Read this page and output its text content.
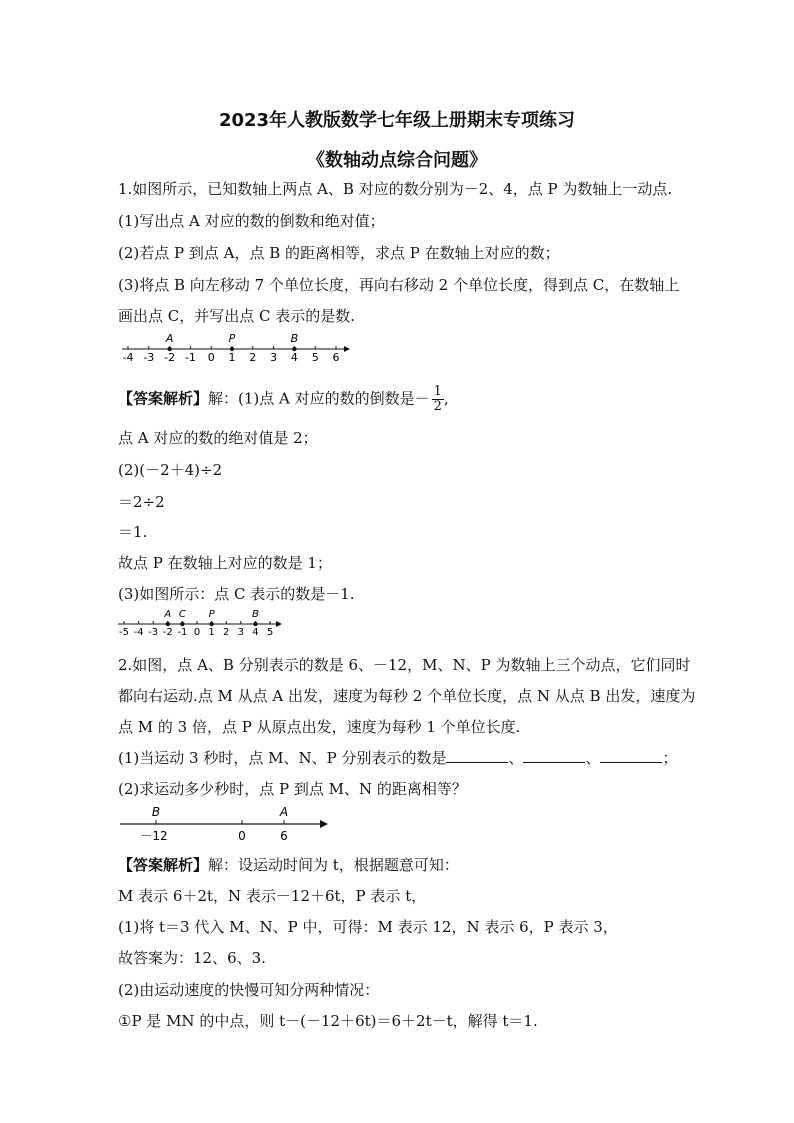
2023年人教版数学七年级上册期末专项练习
《数轴动点综合问题》
1.如图所示，已知数轴上两点 A、B 对应的数分别为－2、4，点 P 为数轴上一动点.
(1)写出点 A 对应的数的倒数和绝对值；
(2)若点 P 到点 A，点 B 的距离相等，求点 P 在数轴上对应的数；
(3)将点 B 向左移动 7 个单位长度，再向右移动 2 个单位长度，得到点 C，在数轴上
画出点 C，并写出点 C 表示的是数.
-4 -3 -2 -1 0 1 2 3 4 5 6
A	P	B
【答案解析】解：(1)点 A 对应的数的倒数是－ $\frac{1}{2}$ ,
点 A 对应的数的绝对值是 2；
(2)(－2＋4)÷2
＝2÷2
＝1.
故点 P 在数轴上对应的数是 1；
(3)如图所示：点 C 表示的数是－1.
-5 -4 -3 -2 -1 0 1 2 3 4 5
A C P	B
2.如图，点 A、B 分别表示的数是 6、－12，M、N、P 为数轴上三个动点，它们同时
都向右运动.点 M 从点 A 出发，速度为每秒 2 个单位长度，点 N 从点 B 出发，速度为
点 M 的 3 倍，点 P 从原点出发，速度为每秒 1 个单位长度.
(1)当运动 3 秒时，点 M、N、P 分别表示的数是	、	、	；
(2)求运动多少秒时，点 P 到点 M、N 的距离相等？
B	A
－12	0	6
【答案解析】解：设运动时间为 t，根据题意可知：
M 表示 6＋2t，N 表示－12＋6t，P 表示 t，
(1)将 t＝3 代入 M、N、P 中，可得：M 表示 12，N 表示 6，P 表示 3，
故答案为：12、6、3.
(2)由运动速度的快慢可知分两种情况：
①P 是 MN 的中点，则 t－(－12＋6t)＝6＋2t－t，解得 t＝1.
